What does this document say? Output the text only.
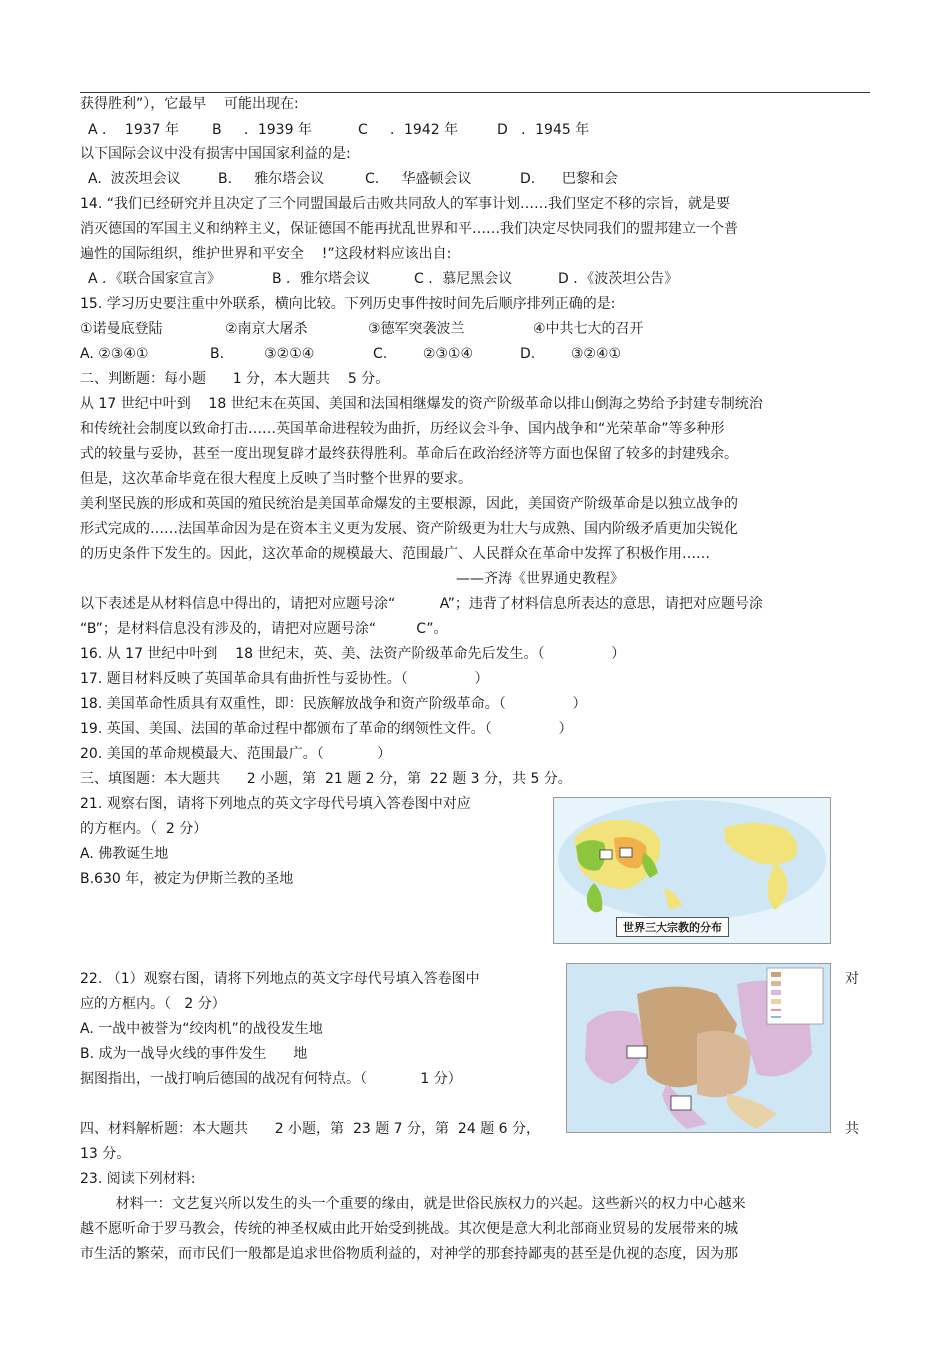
获得胜利”），它最早    可能出现在:
A ．  1937 年 B     ．1939 年	C     ．1942 年	D   ．1945 年
以下国际会议中没有损害中国国家利益的是:
A.  波茨坦会议	B.     雅尔塔会议	C.     华盛顿会议	D.      巴黎和会
14. “我们已经研究并且决定了三个同盟国最后击败共同敌人的军事计划……我们坚定不移的宗旨，就是要
消灭德国的军国主义和纳粹主义，保证德国不能再扰乱世界和平……我们决定尽快同我们的盟邦建立一个普
遍性的国际组织，维护世界和平安全    !”这段材料应该出自:
A ．《联合国家宣言》	B ．雅尔塔会议	C ．慕尼黑会议	D ．《波茨坦公告》
15. 学习历史要注重中外联系，横向比较。下列历史事件按时间先后顺序排列正确的是:
①诺曼底登陆	②南京大屠杀	③德军突袭波兰	④中共七大的召开
A. ②③④①	B.         ③②①④	C.        ②③①④	D.        ③②④①
二、判断题：每小题      1 分，本大题共    5 分。
从 17 世纪中叶到    18 世纪末在英国、美国和法国相继爆发的资产阶级革命以排山倒海之势给予封建专制统治
和传统社会制度以致命打击……英国革命进程较为曲折，历经议会斗争、国内战争和“光荣革命”等多种形
式的较量与妥协，甚至一度出现复辟才最终获得胜利。革命后在政治经济等方面也保留了较多的封建残余。
但是，这次革命毕竟在很大程度上反映了当时整个世界的要求。
美利坚民族的形成和英国的殖民统治是美国革命爆发的主要根源，因此，美国资产阶级革命是以独立战争的
形式完成的……法国革命因为是在资本主义更为发展、资产阶级更为壮大与成熟、国内阶级矛盾更加尖锐化
的历史条件下发生的。因此，这次革命的规模最大、范围最广、人民群众在革命中发挥了积极作用……
——齐涛《世界通史教程》
以下表述是从材料信息中得出的，请把对应题号涂“          A”；违背了材料信息所表达的意思，请把对应题号涂
“B”；是材料信息没有涉及的，请把对应题号涂“         C”。
16. 从 17 世纪中叶到    18 世纪末，英、美、法资产阶级革命先后发生。（               ）
17. 题目材料反映了英国革命具有曲折性与妥协性。（               ）
18. 美国革命性质具有双重性，即：民族解放战争和资产阶级革命。（               ）
19. 英国、美国、法国的革命过程中都颁布了革命的纲领性文件。（               ）
20. 美国的革命规模最大、范围最广。（            ）
三、填图题：本大题共      2 小题，第  21 题 2 分，第  22 题 3 分，共 5 分。
21. 观察右图，请将下列地点的英文字母代号填入答卷图中对应
的方框内。（  2 分）
A. 佛教诞生地
B.630 年，被定为伊斯兰教的圣地
22. （1）观察右图，请将下列地点的英文字母代号填入答卷图中	对
应的方框内。（   2 分）
A. 一战中被誉为“绞肉机”的战役发生地
B. 成为一战导火线的事件发生      地
据图指出，一战打响后德国的战况有何特点。（            1 分）
四、材料解析题：本大题共      2 小题，第  23 题 7 分，第  24 题 6 分，	共
13 分。
23. 阅读下列材料:
材料一：文艺复兴所以发生的头一个重要的缘由，就是世俗民族权力的兴起。这些新兴的权力中心越来
越不愿听命于罗马教会，传统的神圣权威由此开始受到挑战。其次便是意大利北部商业贸易的发展带来的城
市生活的繁荣，而市民们一般都是追求世俗物质利益的，对神学的那套持鄙夷的甚至是仇视的态度，因为那
世界三大宗教的分布
